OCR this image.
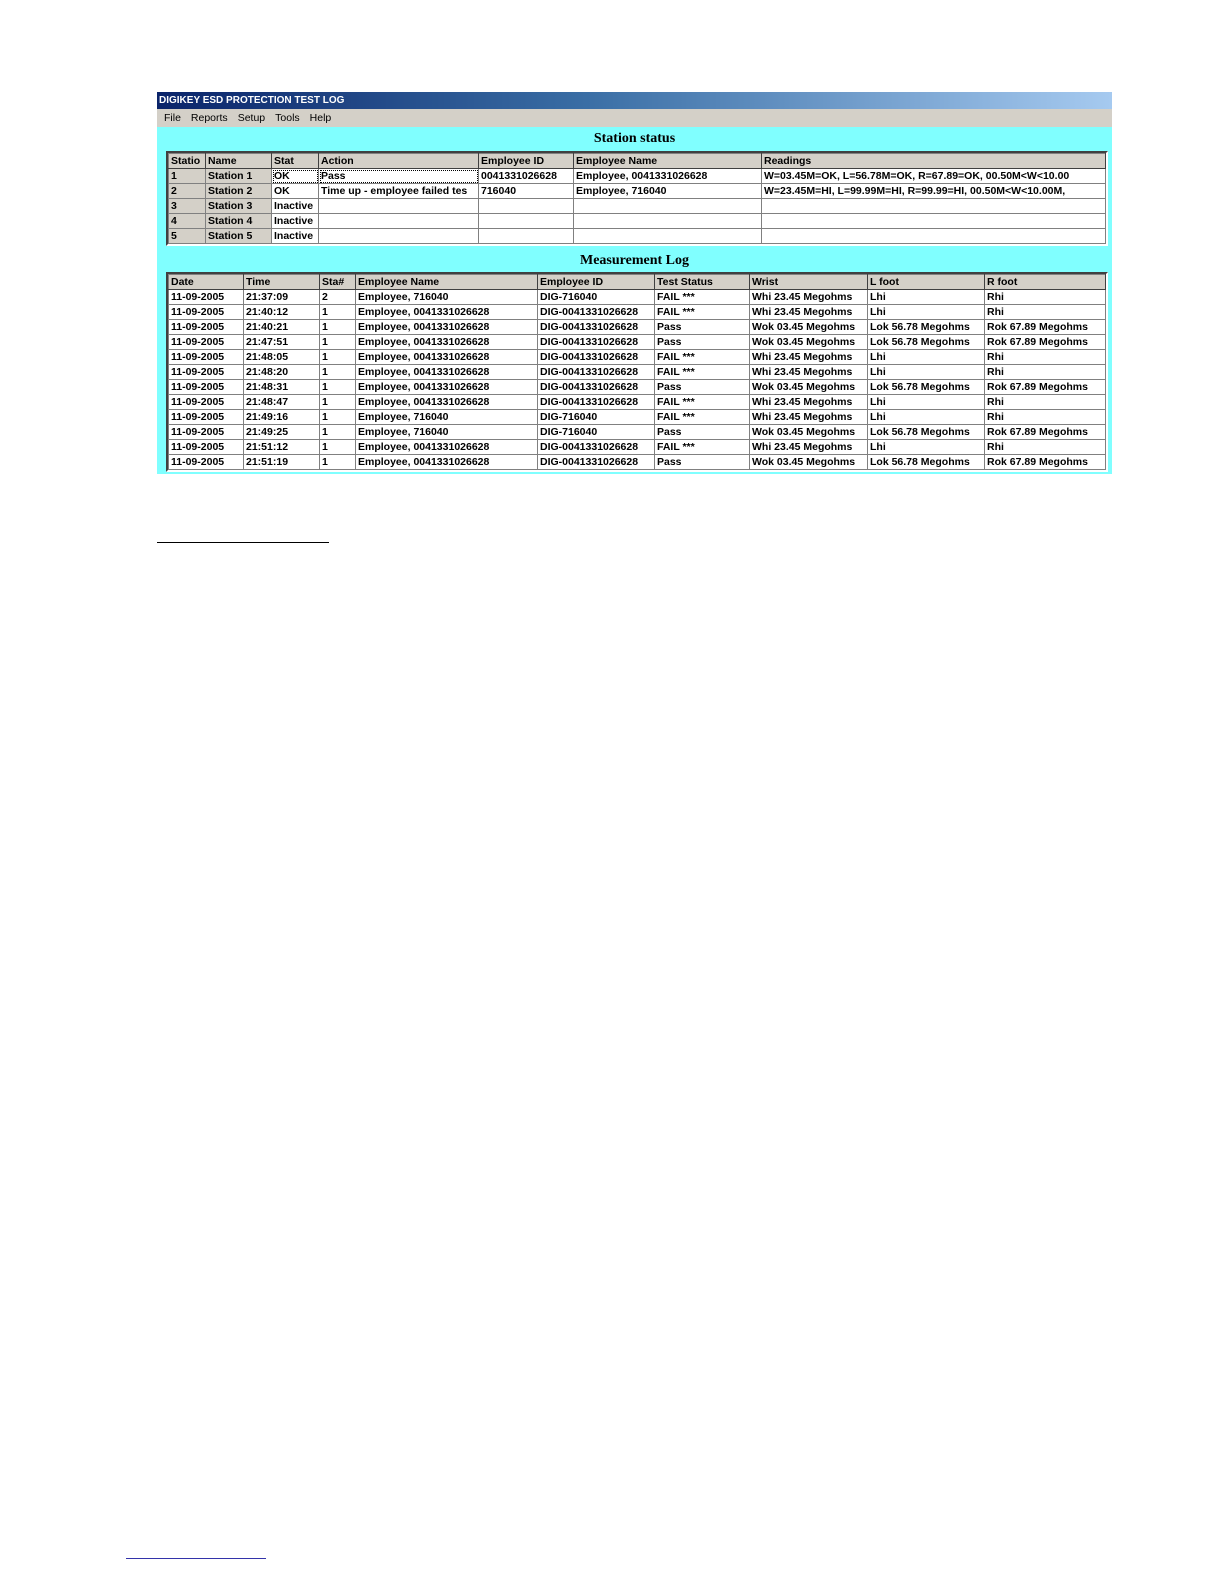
DIGIKEY ESD PROTECTION TEST LOG
File Reports Setup Tools Help
Station status
Statio	Name	Stat	Action	Employee ID	Employee Name	Readings
1	Station 1	OK	Pass	0041331026628	Employee, 0041331026628	W=03.45M=OK, L=56.78M=OK, R=67.89=OK, 00.50M<W<10.00
2	Station 2	OK	Time up - employee failed tes	716040	Employee, 716040	W=23.45M=HI, L=99.99M=HI, R=99.99=HI, 00.50M<W<10.00M,
3	Station 3	Inactive				
4	Station 4	Inactive				
5	Station 5	Inactive				
Measurement Log
Date	Time	Sta#	Employee Name	Employee ID	Test Status	Wrist	L foot	R foot
11-09-2005	21:37:09	2	Employee, 716040	DIG-716040	FAIL ***	Whi 23.45 Megohms	Lhi	Rhi
11-09-2005	21:40:12	1	Employee, 0041331026628	DIG-0041331026628	FAIL ***	Whi 23.45 Megohms	Lhi	Rhi
11-09-2005	21:40:21	1	Employee, 0041331026628	DIG-0041331026628	Pass	Wok 03.45 Megohms	Lok 56.78 Megohms	Rok 67.89 Megohms
11-09-2005	21:47:51	1	Employee, 0041331026628	DIG-0041331026628	Pass	Wok 03.45 Megohms	Lok 56.78 Megohms	Rok 67.89 Megohms
11-09-2005	21:48:05	1	Employee, 0041331026628	DIG-0041331026628	FAIL ***	Whi 23.45 Megohms	Lhi	Rhi
11-09-2005	21:48:20	1	Employee, 0041331026628	DIG-0041331026628	FAIL ***	Whi 23.45 Megohms	Lhi	Rhi
11-09-2005	21:48:31	1	Employee, 0041331026628	DIG-0041331026628	Pass	Wok 03.45 Megohms	Lok 56.78 Megohms	Rok 67.89 Megohms
11-09-2005	21:48:47	1	Employee, 0041331026628	DIG-0041331026628	FAIL ***	Whi 23.45 Megohms	Lhi	Rhi
11-09-2005	21:49:16	1	Employee, 716040	DIG-716040	FAIL ***	Whi 23.45 Megohms	Lhi	Rhi
11-09-2005	21:49:25	1	Employee, 716040	DIG-716040	Pass	Wok 03.45 Megohms	Lok 56.78 Megohms	Rok 67.89 Megohms
11-09-2005	21:51:12	1	Employee, 0041331026628	DIG-0041331026628	FAIL ***	Whi 23.45 Megohms	Lhi	Rhi
11-09-2005	21:51:19	1	Employee, 0041331026628	DIG-0041331026628	Pass	Wok 03.45 Megohms	Lok 56.78 Megohms	Rok 67.89 Megohms
